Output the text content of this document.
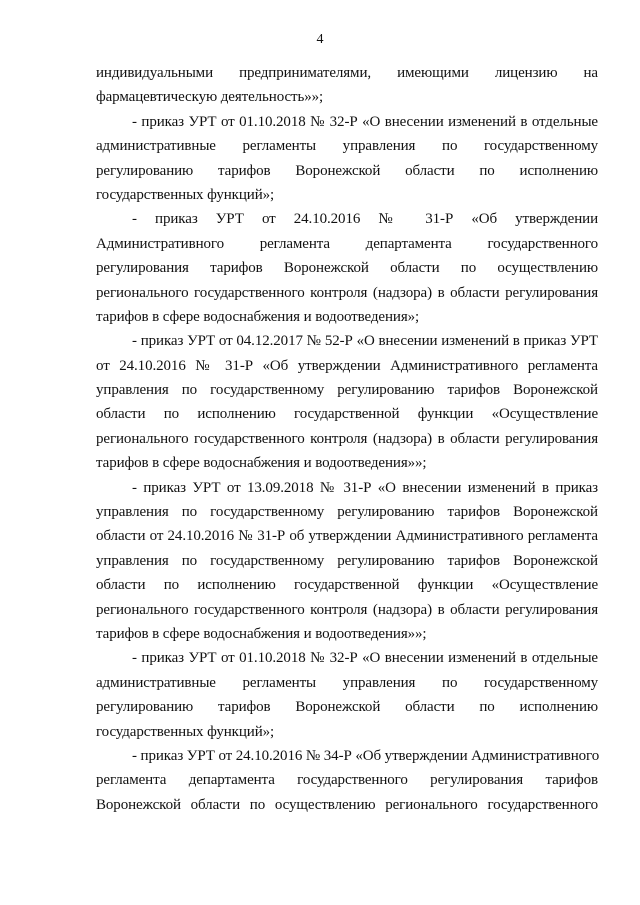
4
индивидуальными предпринимателями, имеющими лицензию на
фармацевтическую деятельность»»;
- приказ УРТ от 01.10.2018 № 32-Р «О внесении изменений в отдельные
административные регламенты управления по государственному
регулированию тарифов Воронежской области по исполнению
государственных функций»;
- приказ УРТ от 24.10.2016 № 31-Р «Об утверждении
Административного регламента департамента государственного
регулирования тарифов Воронежской области по осуществлению
регионального государственного контроля (надзора) в области регулирования
тарифов в сфере водоснабжения и водоотведения»;
- приказ УРТ от 04.12.2017 № 52-Р «О внесении изменений в приказ УРТ
от 24.10.2016 № 31-Р «Об утверждении Административного регламента
управления по государственному регулированию тарифов Воронежской
области по исполнению государственной функции «Осуществление
регионального государственного контроля (надзора) в области регулирования
тарифов в сфере водоснабжения и водоотведения»»;
- приказ УРТ от 13.09.2018 № 31-Р «О внесении изменений в приказ
управления по государственному регулированию тарифов Воронежской
области от 24.10.2016 № 31-Р об утверждении Административного регламента
управления по государственному регулированию тарифов Воронежской
области по исполнению государственной функции «Осуществление
регионального государственного контроля (надзора) в области регулирования
тарифов в сфере водоснабжения и водоотведения»»;
- приказ УРТ от 01.10.2018 № 32-Р «О внесении изменений в отдельные
административные регламенты управления по государственному
регулированию тарифов Воронежской области по исполнению
государственных функций»;
- приказ УРТ от 24.10.2016 № 34-Р «Об утверждении Административного
регламента департамента государственного регулирования тарифов
Воронежской области по осуществлению регионального государственного
